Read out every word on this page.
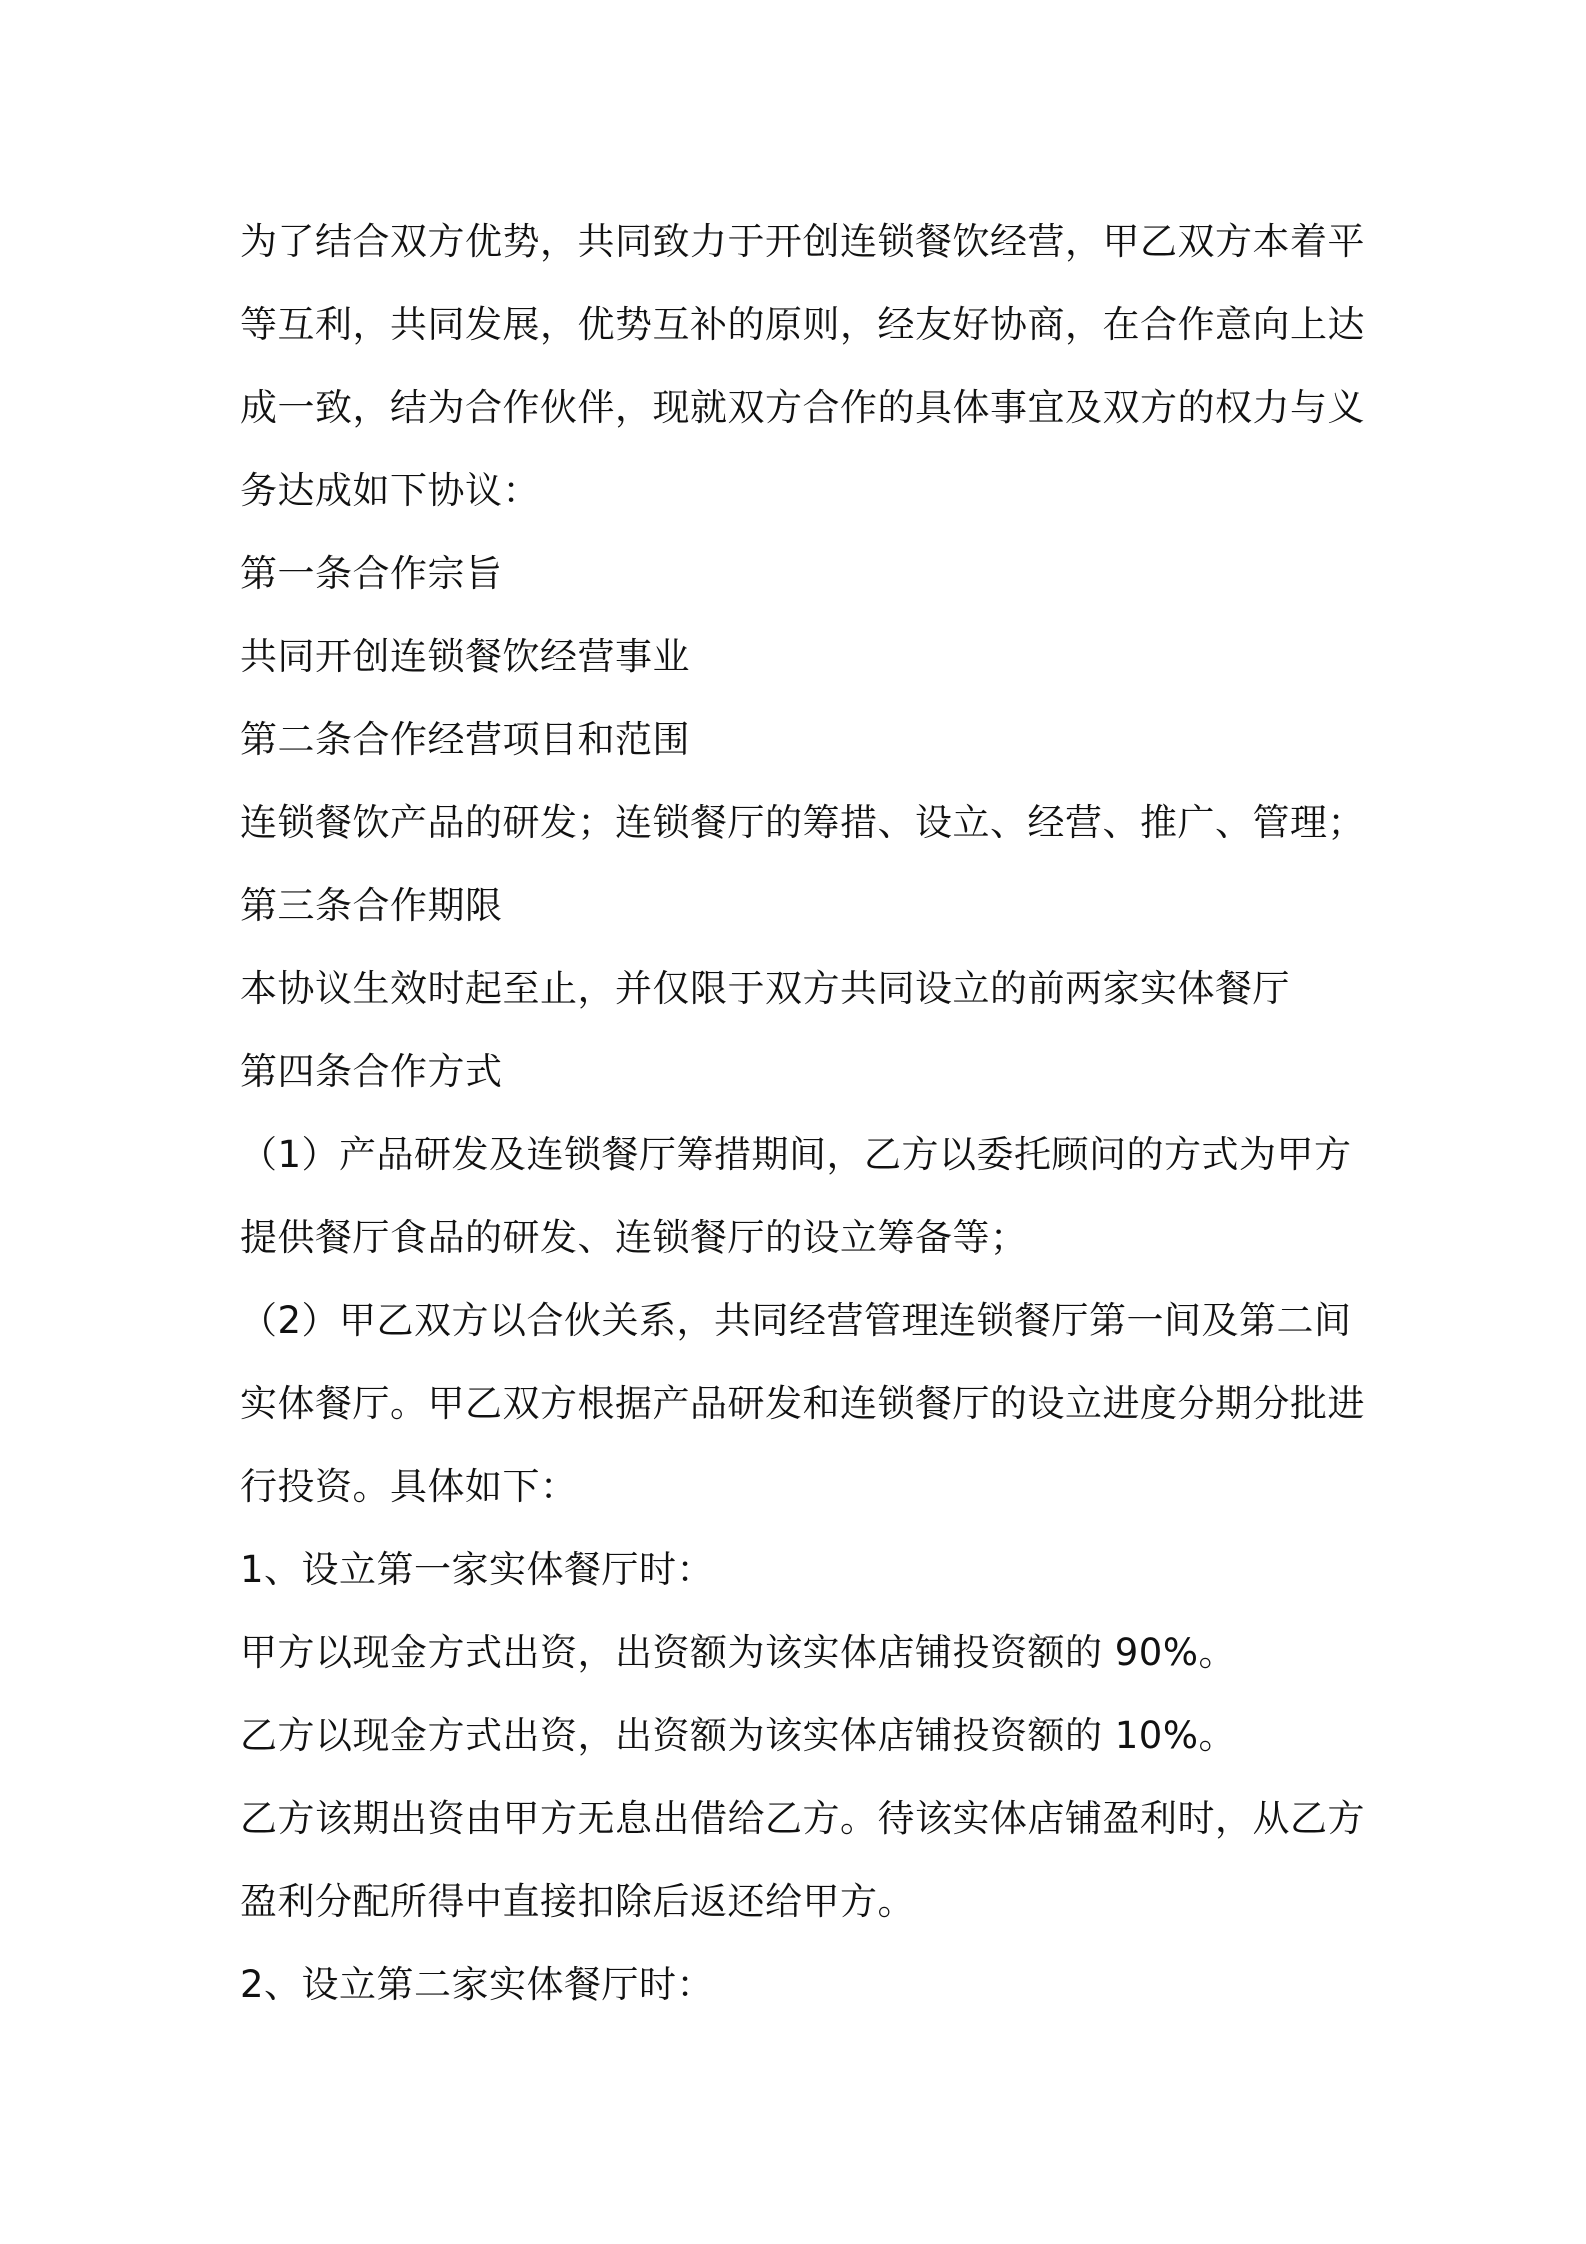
为了结合双方优势，共同致力于开创连锁餐饮经营，甲乙双方本着平
等互利，共同发展，优势互补的原则，经友好协商，在合作意向上达
成一致，结为合作伙伴，现就双方合作的具体事宜及双方的权力与义
务达成如下协议：
第一条合作宗旨
共同开创连锁餐饮经营事业
第二条合作经营项目和范围
连锁餐饮产品的研发；连锁餐厅的筹措、设立、经营、推广、管理；
第三条合作期限
本协议生效时起至止，并仅限于双方共同设立的前两家实体餐厅
第四条合作方式
（1）产品研发及连锁餐厅筹措期间，乙方以委托顾问的方式为甲方
提供餐厅食品的研发、连锁餐厅的设立筹备等；
（2）甲乙双方以合伙关系，共同经营管理连锁餐厅第一间及第二间
实体餐厅。甲乙双方根据产品研发和连锁餐厅的设立进度分期分批进
行投资。具体如下：
1、设立第一家实体餐厅时：
甲方以现金方式出资，出资额为该实体店铺投资额的 90%。
乙方以现金方式出资，出资额为该实体店铺投资额的 10%。
乙方该期出资由甲方无息出借给乙方。待该实体店铺盈利时，从乙方
盈利分配所得中直接扣除后返还给甲方。
2、设立第二家实体餐厅时：
